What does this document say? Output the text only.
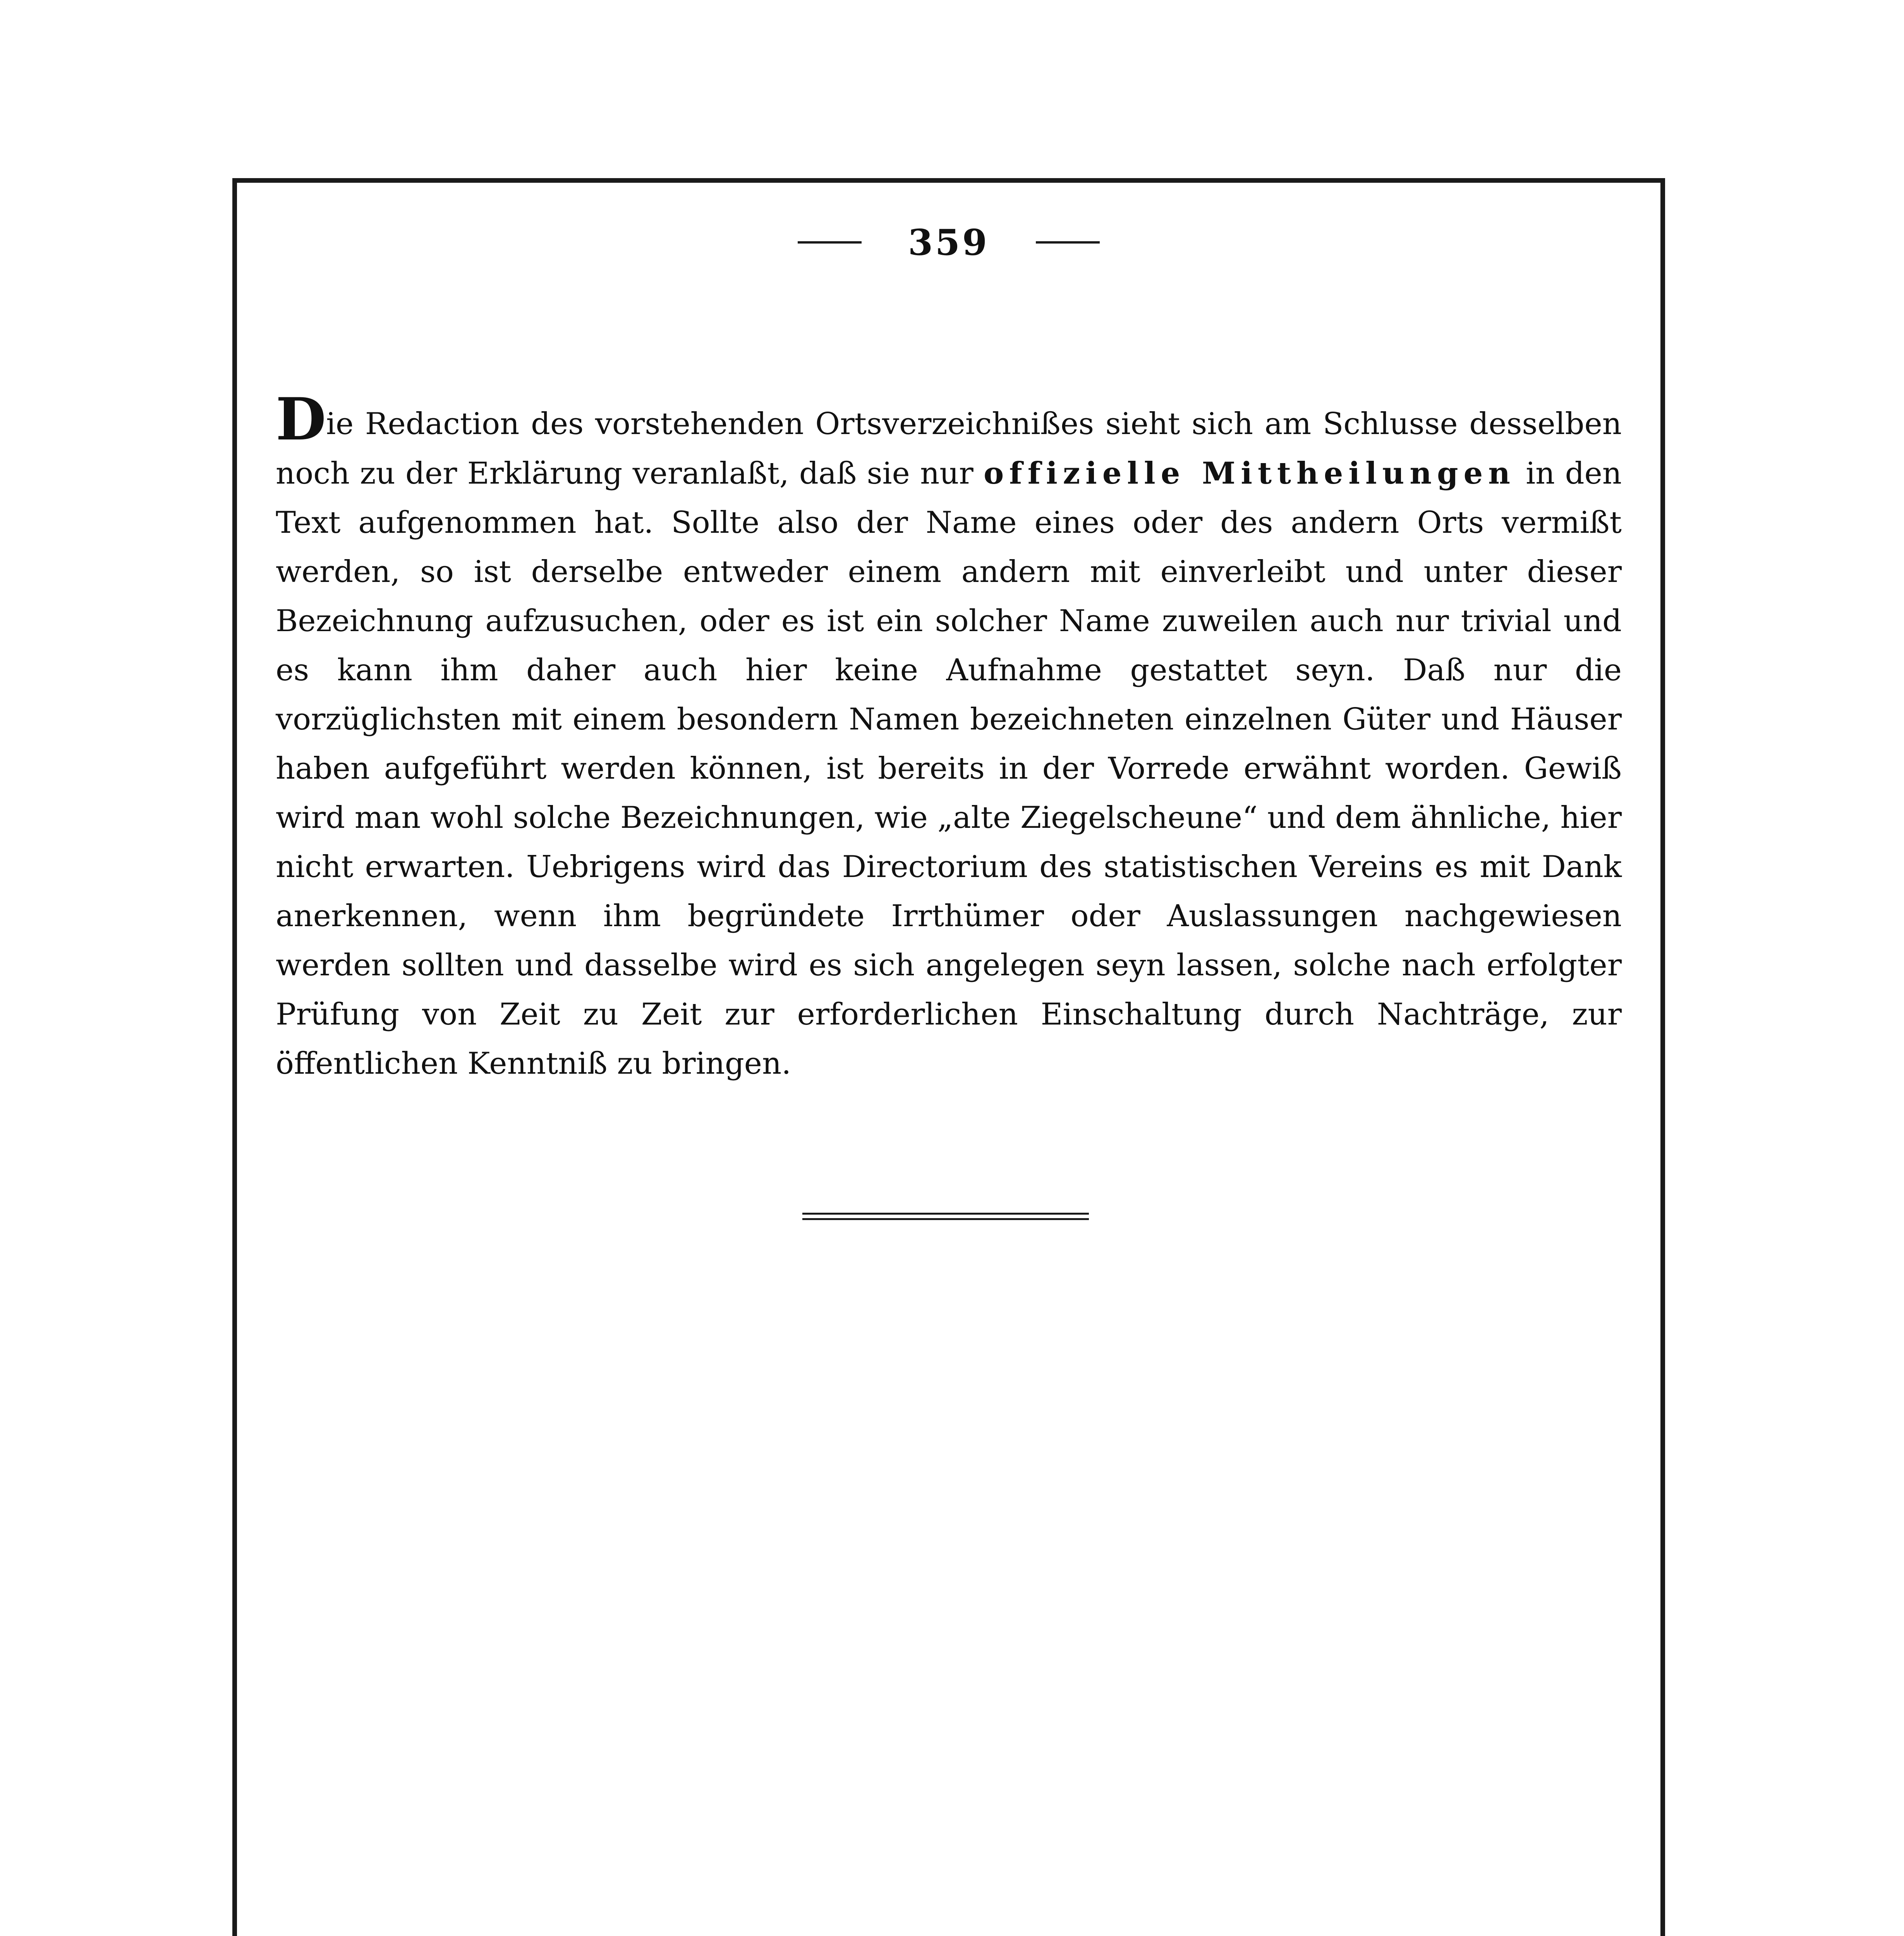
359

Die Redaction des vorstehenden Ortsverzeichnißes sieht sich am Schlusse desselben noch zu der Erklärung veranlaßt, daß sie nur offizielle Mittheilungen in den Text aufgenommen hat. Sollte also der Name eines oder des andern Orts vermißt werden, so ist derselbe entweder einem andern mit einverleibt und unter dieser Bezeichnung aufzusuchen, oder es ist ein solcher Name zuweilen auch nur trivial und es kann ihm daher auch hier keine Aufnahme gestattet seyn. Daß nur die vorzüglichsten mit einem besondern Namen bezeichneten einzelnen Güter und Häuser haben aufgeführt werden können, ist bereits in der Vorrede erwähnt worden. Gewiß wird man wohl solche Bezeichnungen, wie „alte Ziegelscheune“ und dem ähnliche, hier nicht erwarten. Uebrigens wird das Directorium des statistischen Vereins es mit Dank anerkennen, wenn ihm begründete Irrthümer oder Auslassungen nachgewiesen werden sollten und dasselbe wird es sich angelegen seyn lassen, solche nach erfolgter Prüfung von Zeit zu Zeit zur erforderlichen Einschaltung durch Nachträge, zur öffentlichen Kenntniß zu bringen.
